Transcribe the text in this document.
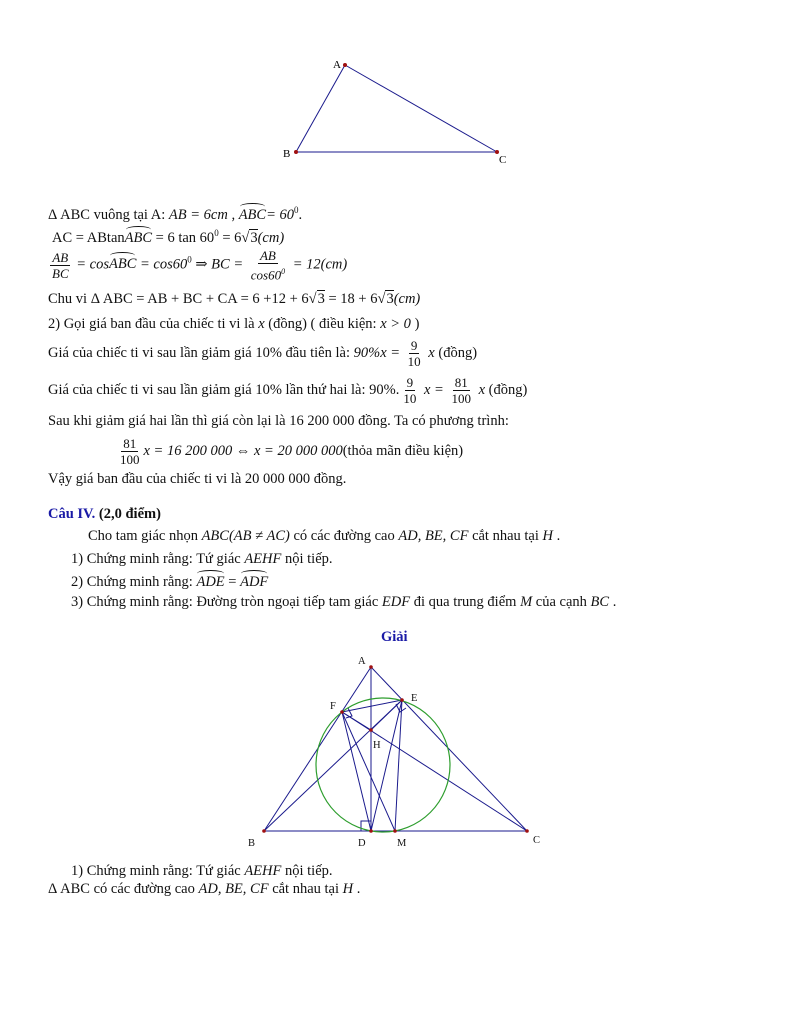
A
B	C
Δ ABC vuông tại A: AB = 6cm , $ABC= 60^0$.
AC = ABtanABC = 6 $\tan 60^0 = 6√3(cm)$
$\frac{AB}{BC}$ = cosABC = $\cos 60^0$ ⇒ BC = $\frac{AB}{\cos 60^0} = 12(cm)$
Chu vi Δ ABC = AB + BC + CA = 6 +12 + 6√3 = 18 + 6√3(cm)
2) Gọi giá ban đầu của chiếc ti vi là x (đồng) ( điều kiện: x > 0 )
Giá của chiếc ti vi sau lần giảm giá 10% đầu tiên là: $90\%x = \frac{9}{10}$ x (đồng)
Giá của chiếc ti vi sau lần giảm giá 10% lần thứ hai là: 90%. $\frac{9}{10}$ $x = \frac{81}{100}$ x (đồng)
Sau khi giảm giá hai lần thì giá còn lại là 16 200 000 đồng. Ta có phương trình:
$\frac{81}{100}$ x = 16 200 000 ⇔ x = 20 000 000(thỏa mãn điều kiện)
Vậy giá ban đầu của chiếc ti vi là 20 000 000 đồng.
Câu IV. (2,0 điểm)
Cho tam giác nhọn ABC(AB ≠ AC) có các đường cao AD, BE, CF cắt nhau tại H .
1) Chứng minh rằng: Tứ giác AEHF nội tiếp.
2) Chứng minh rằng: ADE = ADF
3) Chứng minh rằng: Đường tròn ngoại tiếp tam giác EDF đi qua trung điểm M của cạnh BC .
Giải
A
B	C
D	M
E
F
H
1) Chứng minh rằng: Tứ giác AEHF nội tiếp.
Δ ABC có các đường cao AD, BE, CF cắt nhau tại H .
